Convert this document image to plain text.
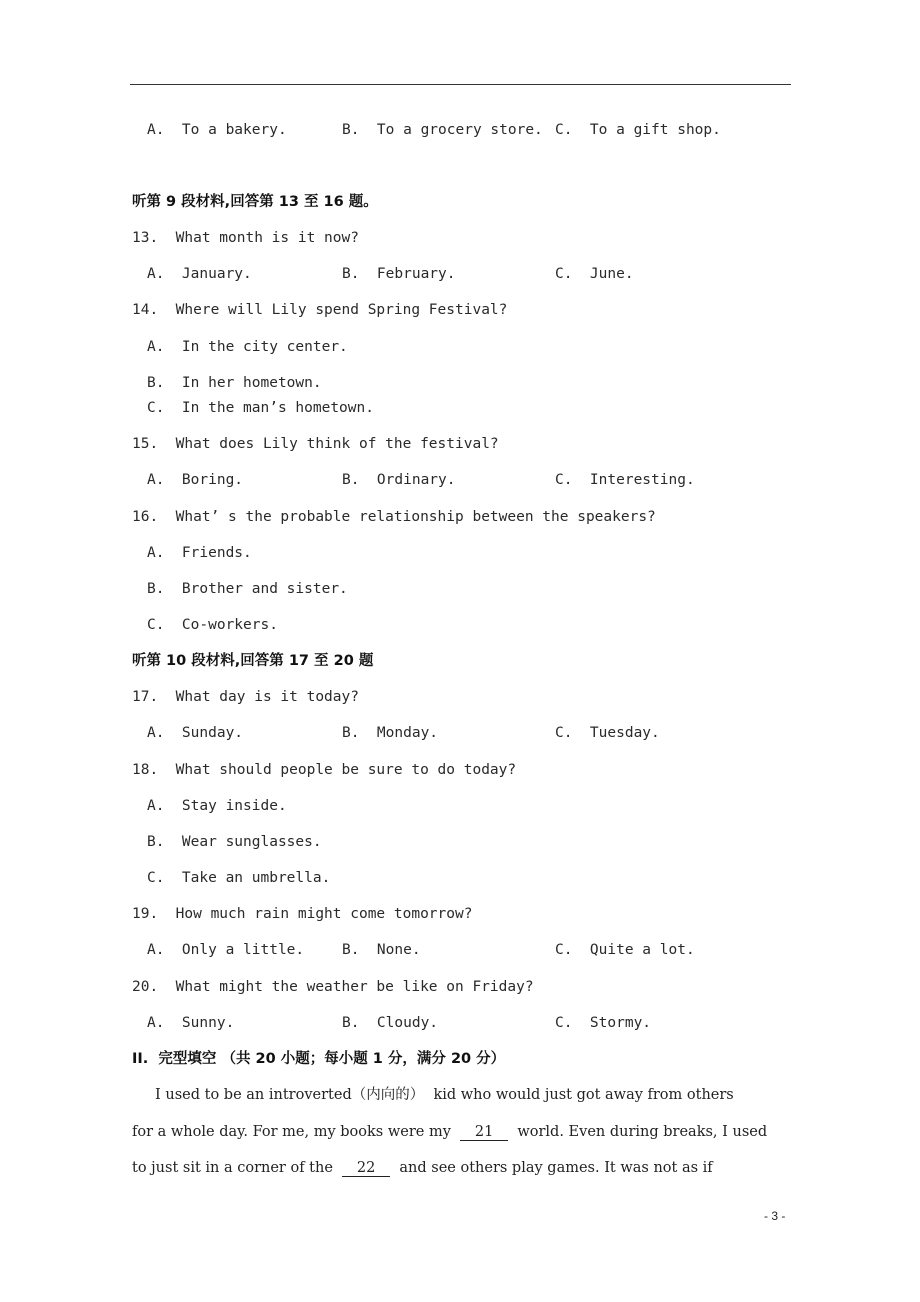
A.  To a bakery.	B.  To a grocery store. C.  To a gift shop.
听第 9 段材料,回答第 13 至 16 题。
13.  What month is it now?
A.  January.	B.  February.	C.  June.
14.  Where will Lily spend Spring Festival?
A.  In the city center.
B.  In her hometown.
C.  In the man’s hometown.
15.  What does Lily think of the festival?
A.  Boring.	B.  Ordinary.	C.  Interesting.
16.  What’ s the probable relationship between the speakers?
A.  Friends.
B.  Brother and sister.
C.  Co-workers.
听第 10 段材料,回答第 17 至 20 题
17.  What day is it today?
A.  Sunday.	B.  Monday.	C.  Tuesday.
18.  What should people be sure to do today?
A.  Stay inside.
B.  Wear sunglasses.
C.  Take an umbrella.
19.  How much rain might come tomorrow?
A.  Only a little.	B.  None.	C.  Quite a lot.
20.  What might the weather be like on Friday?
A.  Sunny.	B.  Cloudy.	C.  Stormy.
II.  完型填空 （共 20 小题；每小题 1 分，满分 20 分）
I used to be an introverted（内向的）  kid who would just got away from others
for a whole day. For me, my books were my  21  world. Even during breaks, I used
to just sit in a corner of the  22  and see others play games. It was not as if
- 3 -
